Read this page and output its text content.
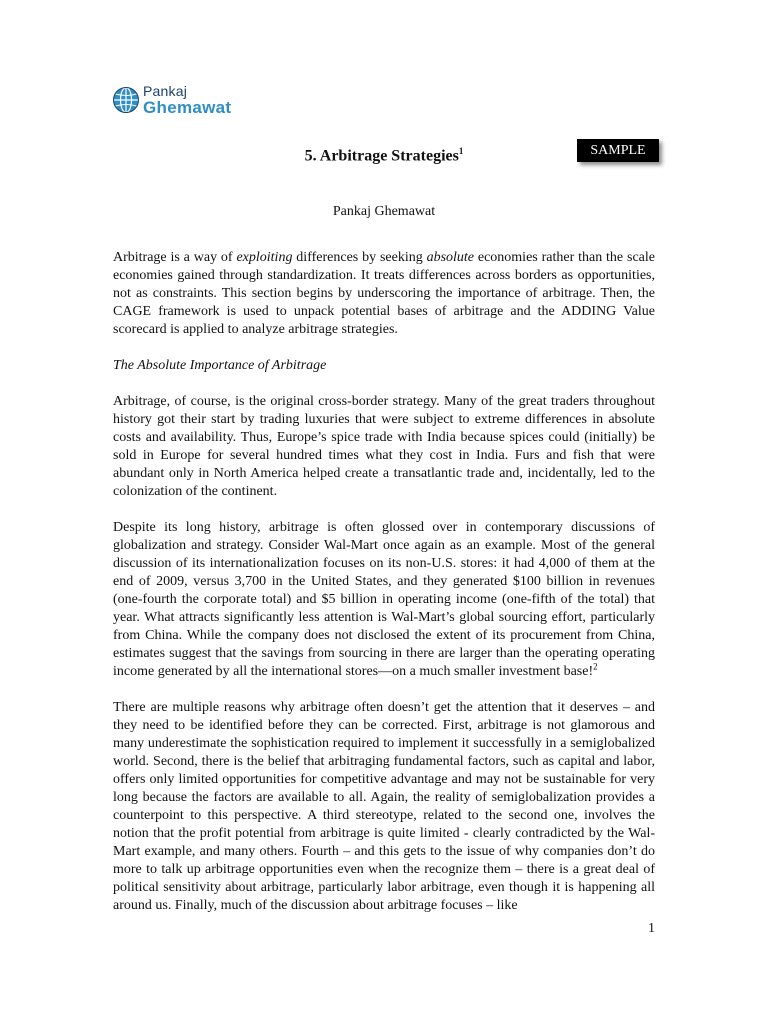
Pankaj
Ghemawat
SAMPLE
5. Arbitrage Strategies$^1$
Pankaj Ghemawat

Arbitrage is a way of exploiting differences by seeking absolute economies rather than the scale economies gained through standardization. It treats differences across borders as opportunities, not as constraints. This section begins by underscoring the importance of arbitrage. Then, the CAGE framework is used to unpack potential bases of arbitrage and the ADDING Value scorecard is applied to analyze arbitrage strategies.

The Absolute Importance of Arbitrage

Arbitrage, of course, is the original cross-border strategy. Many of the great traders throughout history got their start by trading luxuries that were subject to extreme differences in absolute costs and availability. Thus, Europe’s spice trade with India because spices could (initially) be sold in Europe for several hundred times what they cost in India. Furs and fish that were abundant only in North America helped create a transatlantic trade and, incidentally, led to the colonization of the continent.

Despite its long history, arbitrage is often glossed over in contemporary discussions of globalization and strategy. Consider Wal-Mart once again as an example. Most of the general discussion of its internationalization focuses on its non-U.S. stores: it had 4,000 of them at the end of 2009, versus 3,700 in the United States, and they generated $100 billion in revenues (one-fourth the corporate total) and $5 billion in operating income (one-fifth of the total) that year. What attracts significantly less attention is Wal-Mart’s global sourcing effort, particularly from China. While the company does not disclosed the extent of its procurement from China, estimates suggest that the savings from sourcing in there are larger than the operating operating income generated by all the international stores—on a much smaller investment base!$^2$

There are multiple reasons why arbitrage often doesn’t get the attention that it deserves – and they need to be identified before they can be corrected. First, arbitrage is not glamorous and many underestimate the sophistication required to implement it successfully in a semiglobalized world. Second, there is the belief that arbitraging fundamental factors, such as capital and labor, offers only limited opportunities for competitive advantage and may not be sustainable for very long because the factors are available to all. Again, the reality of semiglobalization provides a counterpoint to this perspective. A third stereotype, related to the second one, involves the notion that the profit potential from arbitrage is quite limited - clearly contradicted by the Wal-Mart example, and many others. Fourth – and this gets to the issue of why companies don’t do more to talk up arbitrage opportunities even when the recognize them – there is a great deal of political sensitivity about arbitrage, particularly labor arbitrage, even though it is happening all around us. Finally, much of the discussion about arbitrage focuses – like

1
